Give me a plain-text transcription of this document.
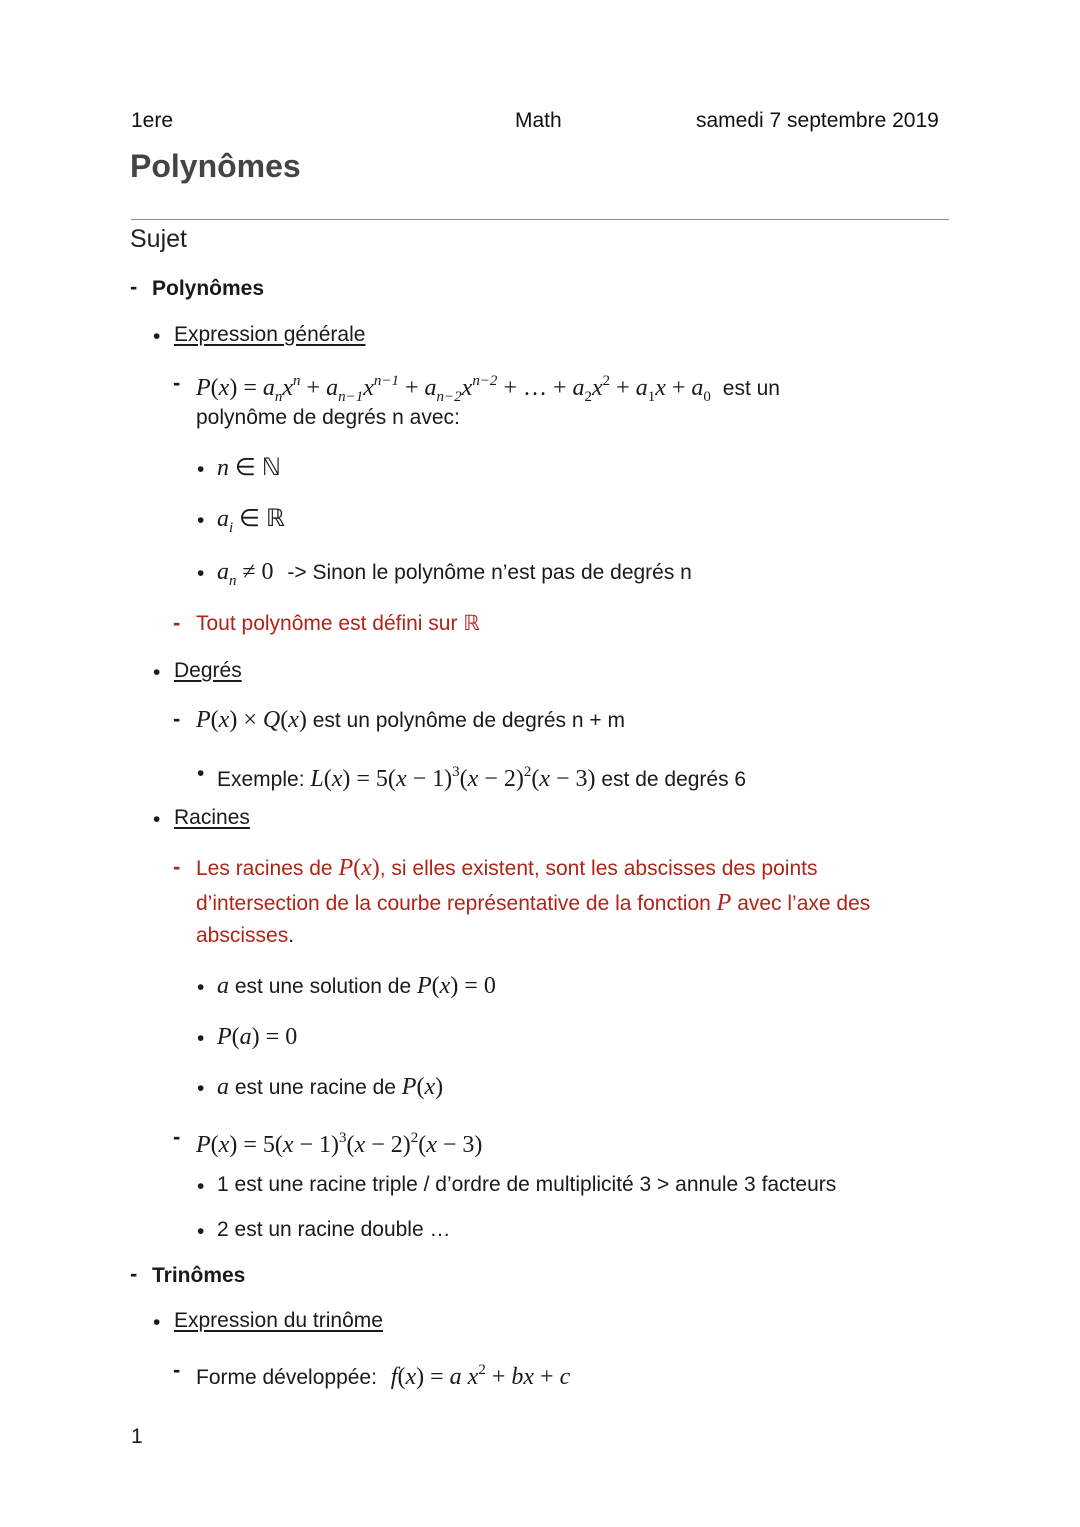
1ere	Math	samedi 7 septembre 2019
Polynômes
Sujet
- Polynômes
• Expression générale
- $P(x) = a_nx^n + a_{n-1}x^{n-1} + a_{n-2}x^{n-2}$ + … + $a_2x^2 + a_1x + a_0$ est un
polynôme de degrés n avec:
• n ∈ ℕ
• $a_i$ ∈ ℝ
• $a_n \ne 0$ -> Sinon le polynôme n’est pas de degrés n
- Tout polynôme est défini sur ℝ
• Degrés
- P(x) × Q(x) est un polynôme de degrés n + m
• Exemple: $L(x) = 5(x - 1)^3(x - 2)^2(x - 3)$ est de degrés 6
• Racines
- Les racines de P(x), si elles existent, sont les abscisses des points
d’intersection de la courbe représentative de la fonction P avec l’axe des
abscisses.
• a est une solution de P(x) = 0
• P(a) = 0
• a est une racine de P(x)
- $P(x) = 5(x - 1)^3(x - 2)^2(x - 3)$
• 1 est une racine triple / d’ordre de multiplicité 3 > annule 3 facteurs
• 2 est un racine double …
- Trinômes
• Expression du trinôme
- Forme développée: f(x) = a $x^2$ + bx + c
1
